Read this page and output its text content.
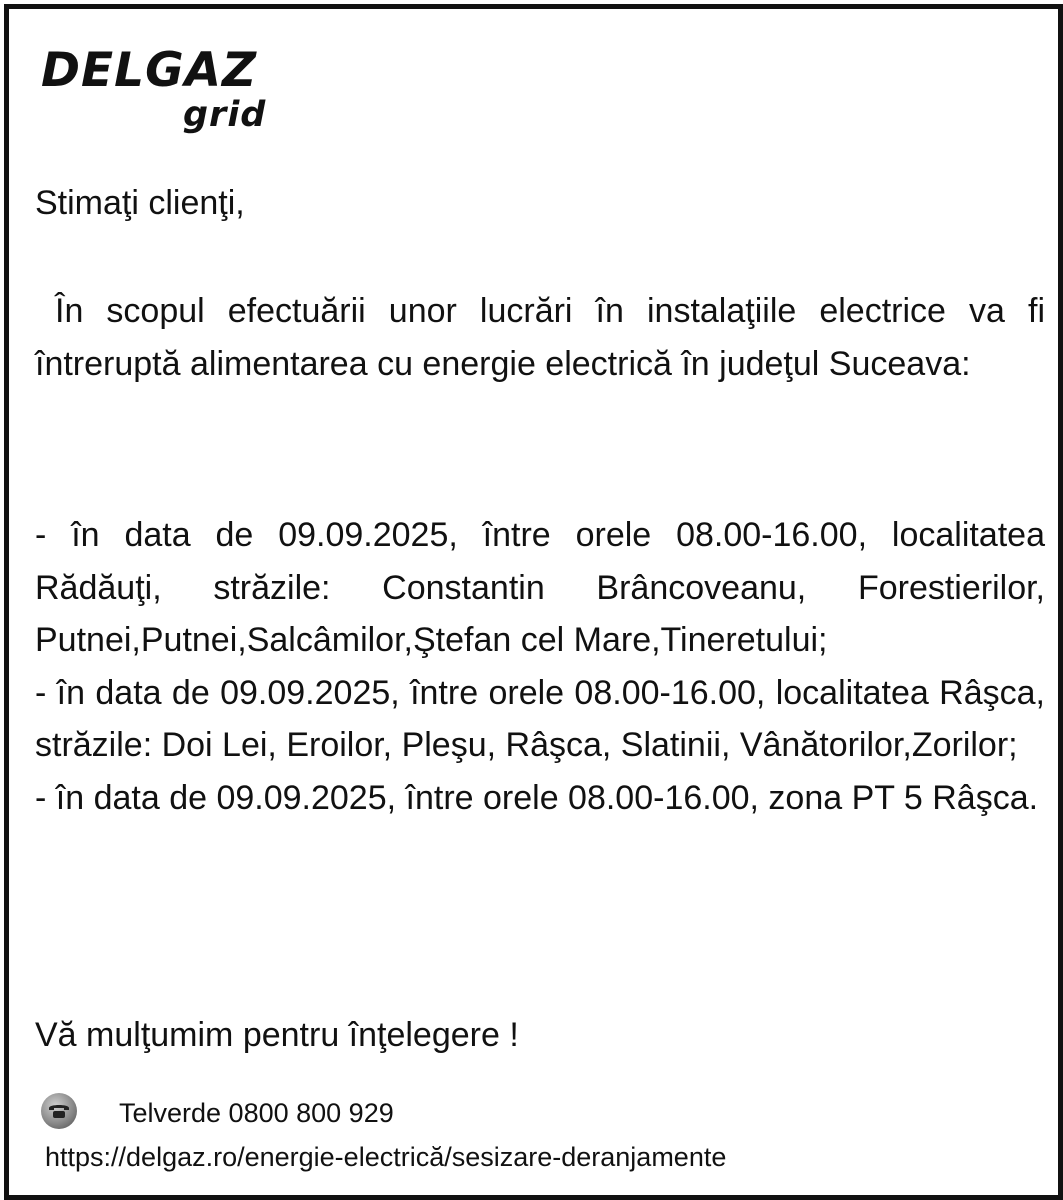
DELGAZ
grid
Stimaţi clienţi,
În scopul efectuării unor lucrări în instalaţiile electrice va fi întreruptă alimentarea cu energie electrică în judeţul Suceava:
- în data de 09.09.2025, între orele 08.00-16.00, localitatea Rădăuţi, străzile: Constantin Brâncoveanu, Forestierilor, Putnei,Putnei,Salcâmilor,Ştefan cel Mare,Tineretului;
- în data de 09.09.2025, între orele 08.00-16.00, localitatea Râşca, străzile: Doi Lei, Eroilor, Pleşu, Râşca, Slatinii, Vânătorilor,Zorilor;
- în data de 09.09.2025, între orele 08.00-16.00, zona PT 5 Râşca.
Vă mulţumim pentru înţelegere !
Telverde 0800 800 929
https://delgaz.ro/energie-electrică/sesizare-deranjamente
